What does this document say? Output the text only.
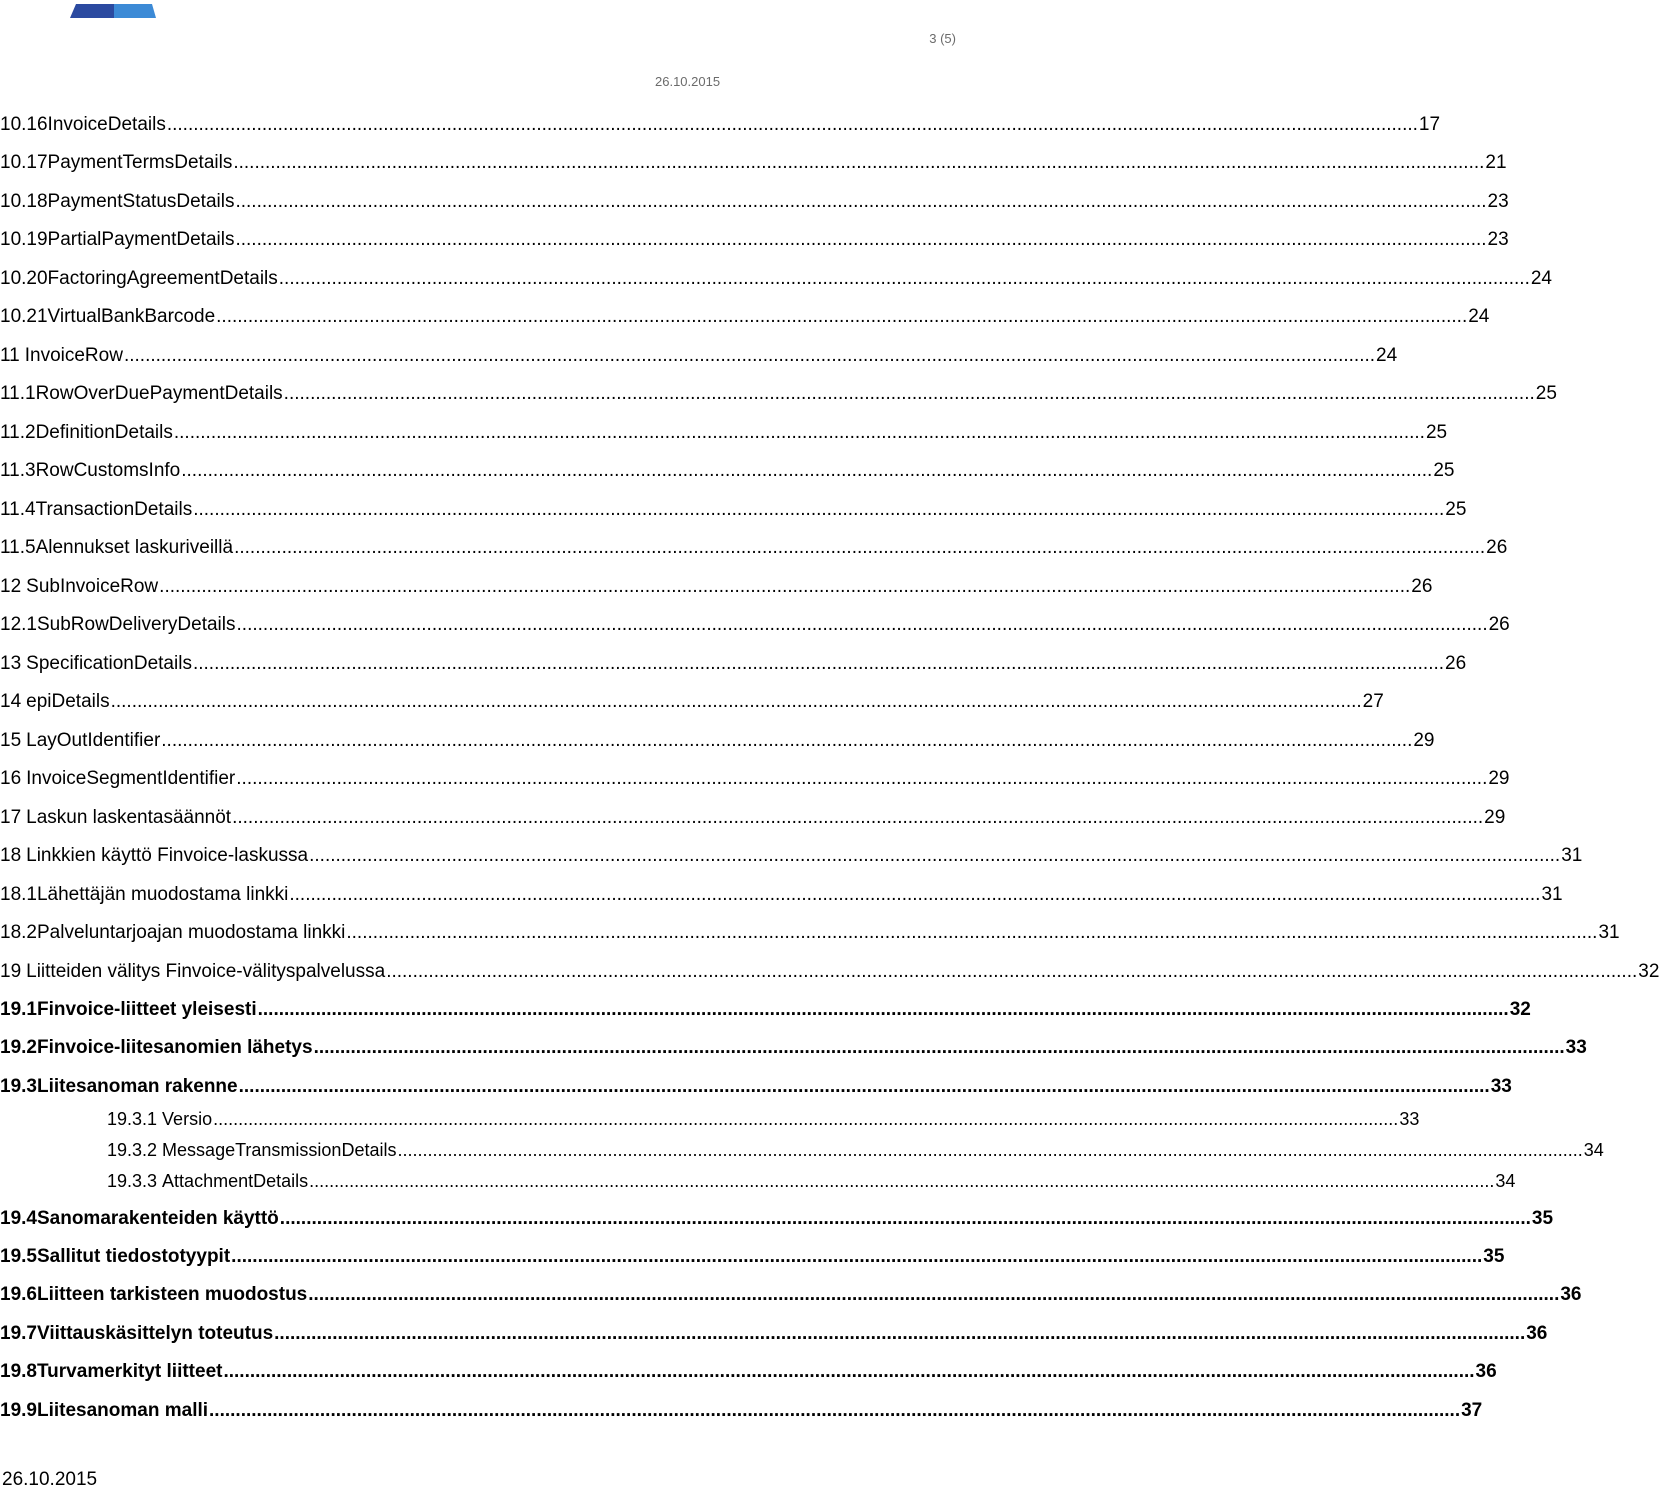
3 (5)
26.10.2015
10.16 InvoiceDetails .....	17
10.17 PaymentTermsDetails .....	21
10.18 PaymentStatusDetails .....	23
10.19 PartialPaymentDetails .....	23
10.20 FactoringAgreementDetails .....	24
10.21 VirtualBankBarcode .....	24
11 InvoiceRow .....	24
11.1 RowOverDuePaymentDetails .....	25
11.2 DefinitionDetails .....	25
11.3 RowCustomsInfo .....	25
11.4 TransactionDetails .....	25
11.5 Alennukset laskuriveillä .....	26
12 SubInvoiceRow .....	26
12.1 SubRowDeliveryDetails .....	26
13 SpecificationDetails .....	26
14 epiDetails .....	27
15 LayOutIdentifier .....	29
16 InvoiceSegmentIdentifier .....	29
17 Laskun laskentasäännöt .....	29
18 Linkkien käyttö Finvoice-laskussa .....	31
18.1 Lähettäjän muodostama linkki .....	31
18.2 Palveluntarjoajan muodostama linkki .....	31
19 Liitteiden välitys Finvoice-välityspalvelussa .....	32
19.1 Finvoice-liitteet yleisesti .....	32
19.2 Finvoice-liitesanomien lähetys .....	33
19.3 Liitesanoman rakenne .....	33
19.3.1 Versio .....	33
19.3.2 MessageTransmissionDetails .....	34
19.3.3 AttachmentDetails .....	34
19.4 Sanomarakenteiden käyttö .....	35
19.5 Sallitut tiedostotyypit .....	35
19.6 Liitteen tarkisteen muodostus .....	36
19.7 Viittauskäsittelyn toteutus .....	36
19.8 Turvamerkityt liitteet .....	36
19.9 Liitesanoman malli .....	37
26.10.2015
